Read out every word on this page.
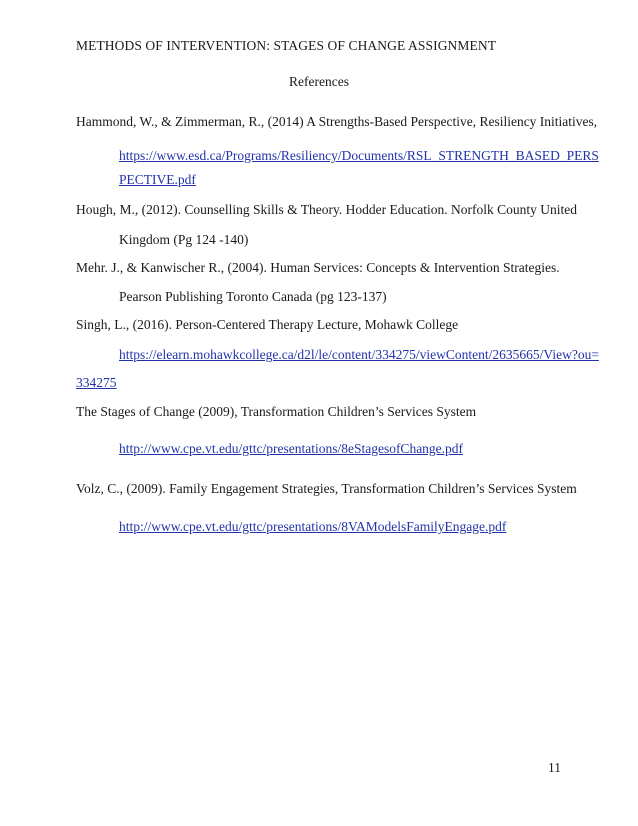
METHODS OF INTERVENTION: STAGES OF CHANGE ASSIGNMENT
References
Hammond, W., & Zimmerman, R., (2014) A Strengths-Based Perspective, Resiliency Initiatives,
https://www.esd.ca/Programs/Resiliency/Documents/RSL_STRENGTH_BASED_PERS
PECTIVE.pdf
Hough, M., (2012). Counselling Skills & Theory. Hodder Education. Norfolk County United
Kingdom (Pg 124 -140)
Mehr. J., & Kanwischer R., (2004). Human Services: Concepts & Intervention Strategies.
Pearson Publishing Toronto Canada (pg 123-137)
Singh, L., (2016). Person-Centered Therapy Lecture, Mohawk College
https://elearn.mohawkcollege.ca/d2l/le/content/334275/viewContent/2635665/View?ou=
334275
The Stages of Change (2009), Transformation Children’s Services System
http://www.cpe.vt.edu/gttc/presentations/8eStagesofChange.pdf
Volz, C., (2009). Family Engagement Strategies, Transformation Children’s Services System
http://www.cpe.vt.edu/gttc/presentations/8VAModelsFamilyEngage.pdf
11
